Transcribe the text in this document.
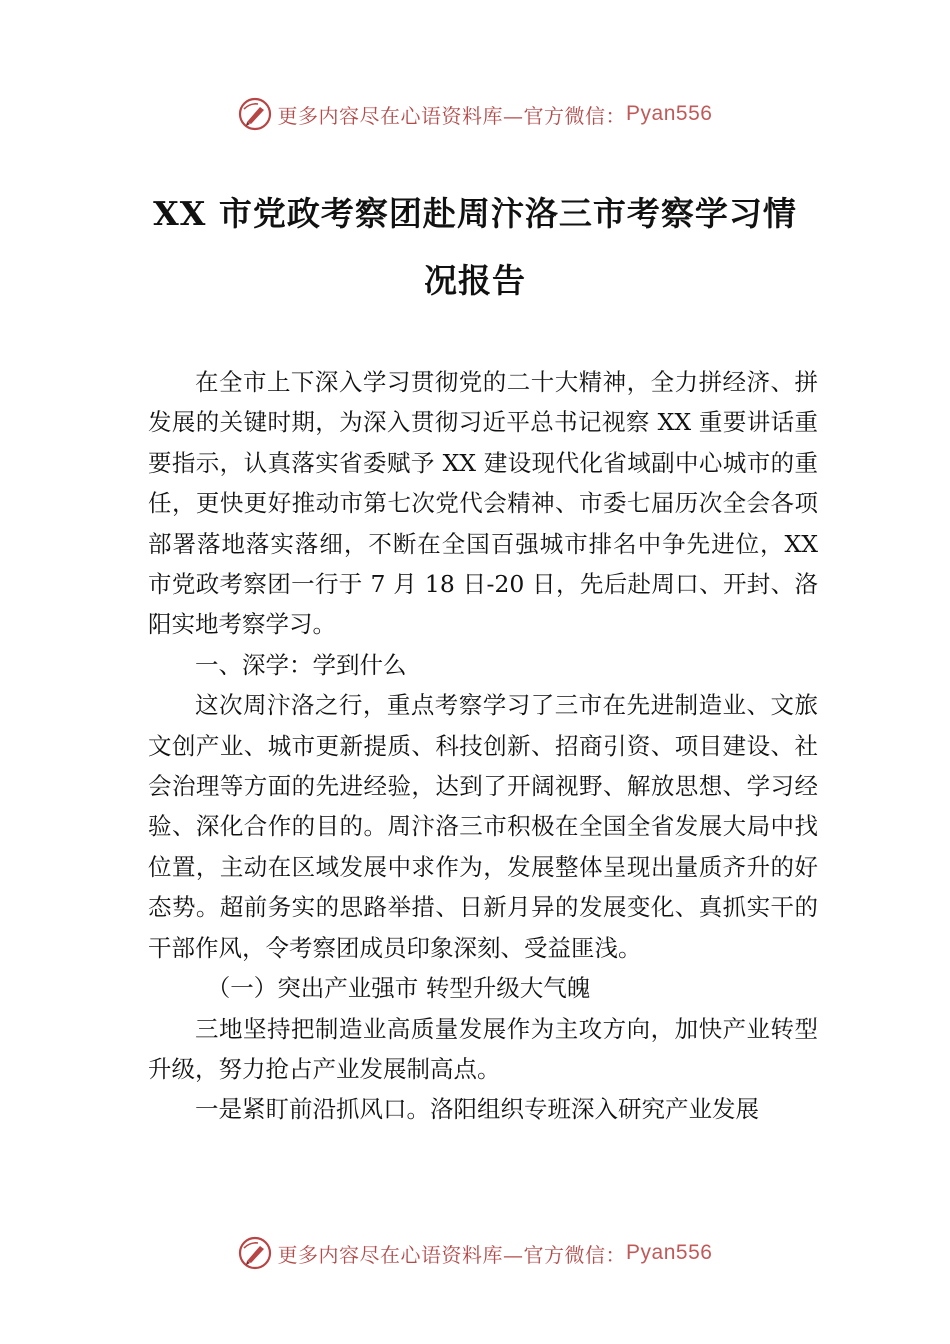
更多内容尽在心语资料库—官方微信： Pyan556
XX 市党政考察团赴周汴洛三市考察学习情
况报告

在全市上下深入学习贯彻党的二十大精神，全力拼经济、拼发展的关键时期，为深入贯彻习近平总书记视察 XX 重要讲话重要指示，认真落实省委赋予 XX 建设现代化省域副中心城市的重任，更快更好推动市第七次党代会精神、市委七届历次全会各项部署落地落实落细，不断在全国百强城市排名中争先进位，XX 市党政考察团一行于 7 月 18 日-20 日，先后赴周口、开封、洛阳实地考察学习。

一、深学：学到什么

这次周汴洛之行，重点考察学习了三市在先进制造业、文旅文创产业、城市更新提质、科技创新、招商引资、项目建设、社会治理等方面的先进经验，达到了开阔视野、解放思想、学习经验、深化合作的目的。周汴洛三市积极在全国全省发展大局中找位置，主动在区域发展中求作为，发展整体呈现出量质齐升的好态势。超前务实的思路举措、日新月异的发展变化、真抓实干的干部作风，令考察团成员印象深刻、受益匪浅。

（一）突出产业强市 转型升级大气魄

三地坚持把制造业高质量发展作为主攻方向，加快产业转型升级，努力抢占产业发展制高点。

一是紧盯前沿抓风口。洛阳组织专班深入研究产业发展

更多内容尽在心语资料库—官方微信： Pyan556
